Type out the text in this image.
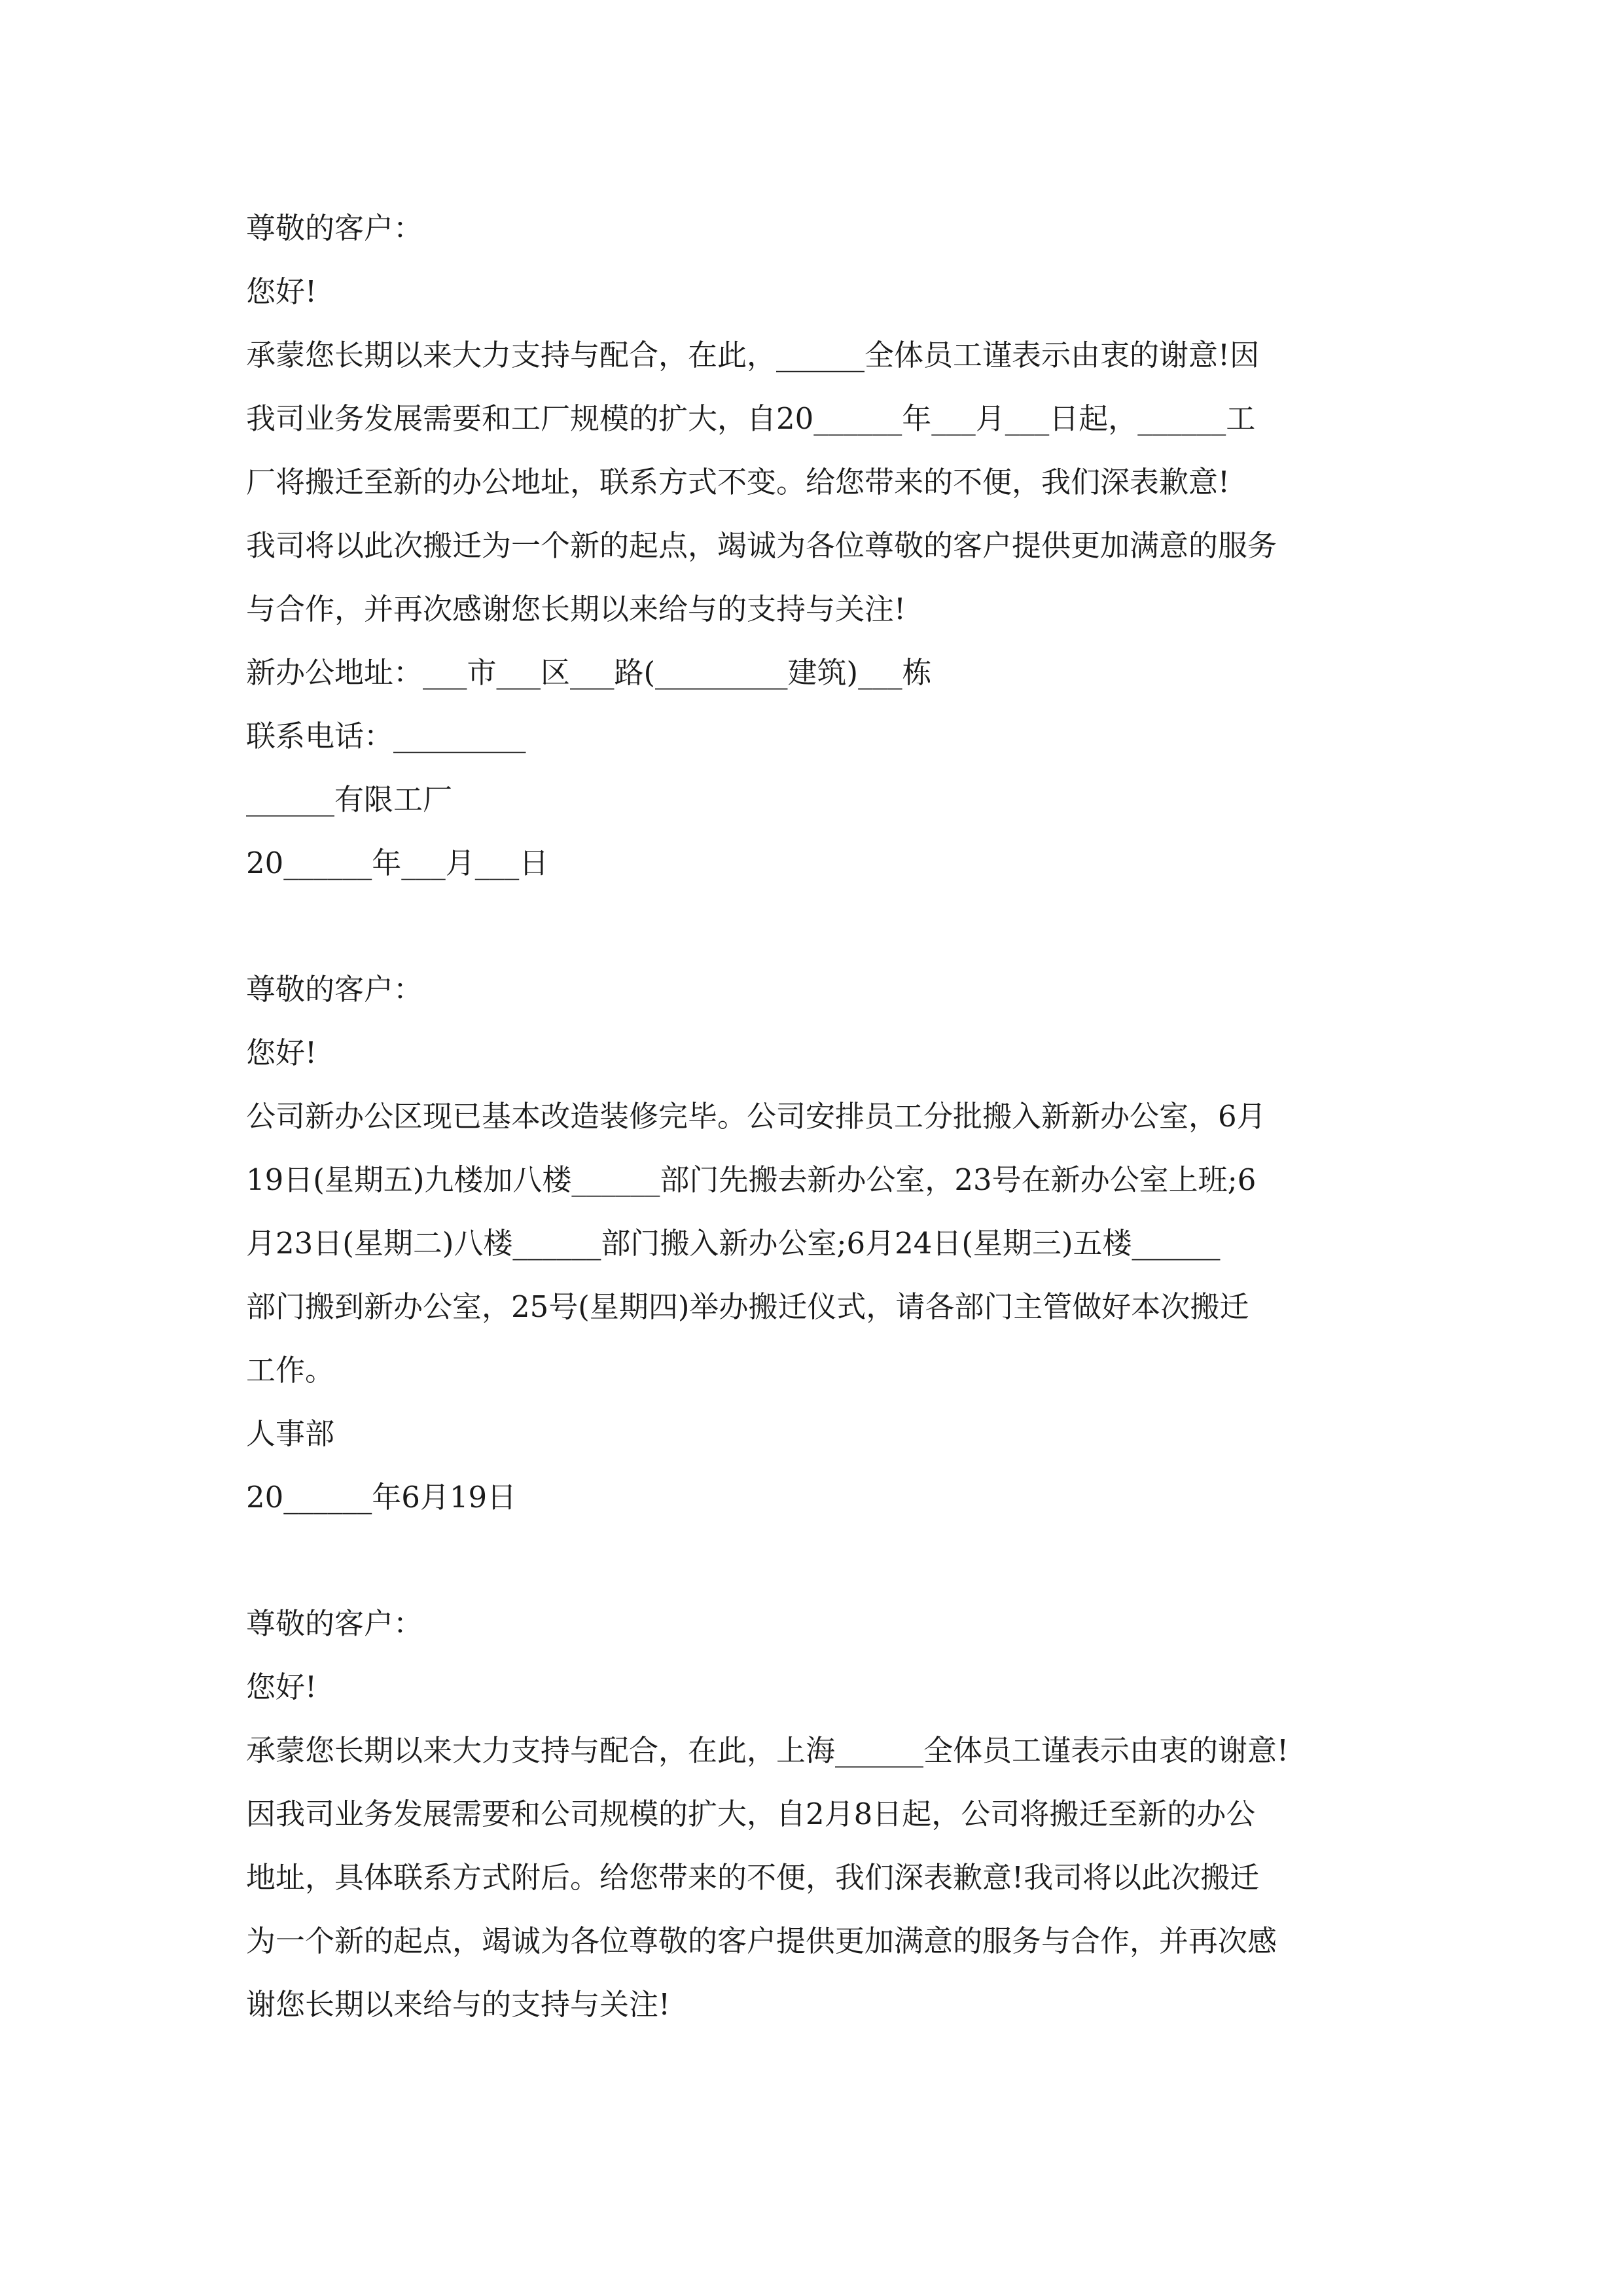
尊敬的客户：

您好!

承蒙您长期以来大力支持与配合，在此，______全体员工谨表示由衷的谢意!因

我司业务发展需要和工厂规模的扩大，自20______年___月___日起，______工

厂将搬迁至新的办公地址，联系方式不变。给您带来的不便，我们深表歉意!

我司将以此次搬迁为一个新的起点，竭诚为各位尊敬的客户提供更加满意的服务

与合作，并再次感谢您长期以来给与的支持与关注!

新办公地址：___市___区___路(_________建筑)___栋

联系电话：_________

______有限工厂

20______年___月___日

尊敬的客户：

您好!

公司新办公区现已基本改造装修完毕。公司安排员工分批搬入新新办公室，6月

19日(星期五)九楼加八楼______部门先搬去新办公室，23号在新办公室上班;6

月23日(星期二)八楼______部门搬入新办公室;6月24日(星期三)五楼______

部门搬到新办公室，25号(星期四)举办搬迁仪式，请各部门主管做好本次搬迁

工作。

人事部

20______年6月19日

尊敬的客户：

您好!

承蒙您长期以来大力支持与配合，在此，上海______全体员工谨表示由衷的谢意!

因我司业务发展需要和公司规模的扩大，自2月8日起，公司将搬迁至新的办公

地址，具体联系方式附后。给您带来的不便，我们深表歉意!我司将以此次搬迁

为一个新的起点，竭诚为各位尊敬的客户提供更加满意的服务与合作，并再次感

谢您长期以来给与的支持与关注!
